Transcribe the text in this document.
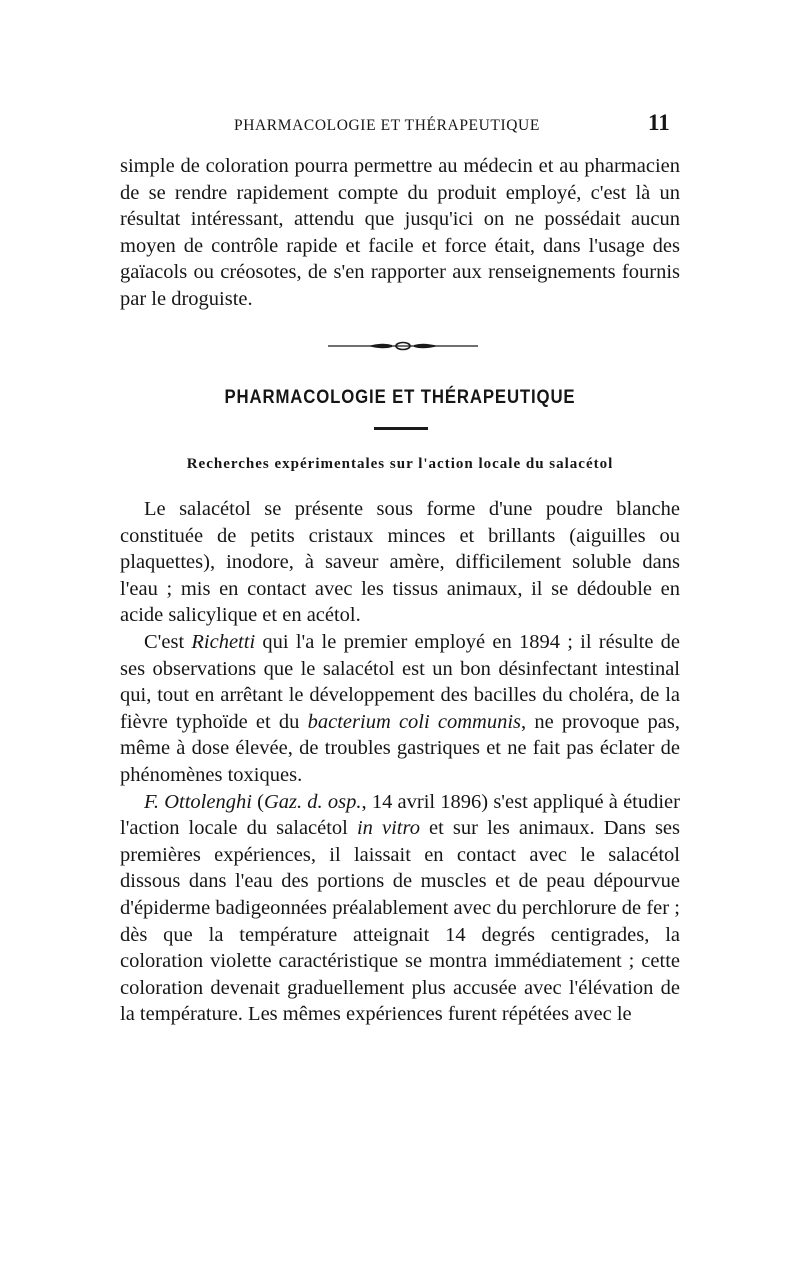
PHARMACOLOGIE ET THÉRAPEUTIQUE	11

simple de coloration pourra permettre au médecin et au pharmacien de se rendre rapidement compte du produit employé, c'est là un résultat intéressant, attendu que jusqu'ici on ne possédait aucun moyen de contrôle rapide et facile et force était, dans l'usage des gaïacols ou créosotes, de s'en rapporter aux renseignements fournis par le droguiste.

PHARMACOLOGIE ET THÉRAPEUTIQUE
Recherches expérimentales sur l'action locale du salacétol

Le salacétol se présente sous forme d'une poudre blanche constituée de petits cristaux minces et brillants (aiguilles ou plaquettes), inodore, à saveur amère, difficilement soluble dans l'eau ; mis en contact avec les tissus animaux, il se dédouble en acide salicylique et en acétol.

C'est Richetti qui l'a le premier employé en 1894 ; il résulte de ses observations que le salacétol est un bon désinfectant intestinal qui, tout en arrêtant le développement des bacilles du choléra, de la fièvre typhoïde et du bacterium coli communis, ne provoque pas, même à dose élevée, de troubles gastriques et ne fait pas éclater de phénomènes toxiques.

F. Ottolenghi (Gaz. d. osp., 14 avril 1896) s'est appliqué à étudier l'action locale du salacétol in vitro et sur les animaux. Dans ses premières expériences, il laissait en contact avec le salacétol dissous dans l'eau des portions de muscles et de peau dépourvue d'épiderme badigeonnées préalablement avec du perchlorure de fer ; dès que la température atteignait 14 degrés centigrades, la coloration violette caractéristique se montra immédiatement ; cette coloration devenait graduellement plus accusée avec l'élévation de la température. Les mêmes expériences furent répétées avec le
